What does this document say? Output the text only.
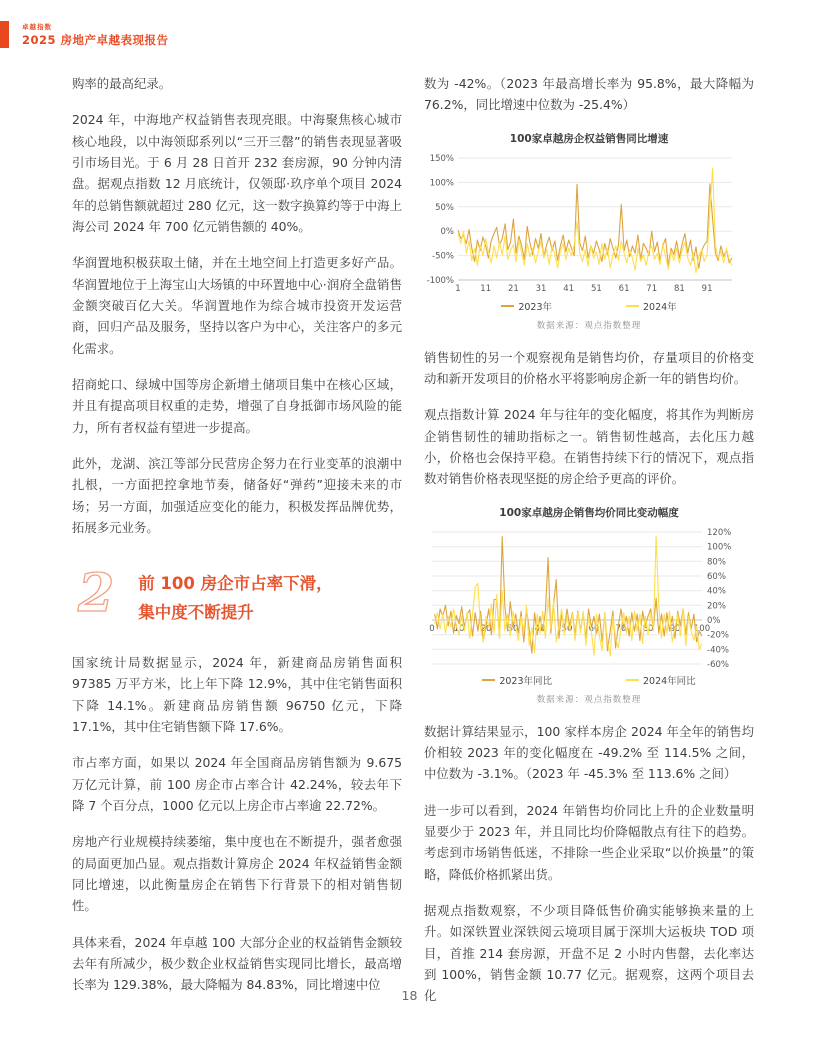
卓越指数
2025 房地产卓越表现报告

购率的最高纪录。

2024 年，中海地产权益销售表现亮眼。中海聚焦核心城市核心地段，以中海领邸系列以“三开三罄”的销售表现显著吸引市场目光。于 6 月 28 日首开 232 套房源，90 分钟内清盘。据观点指数 12 月底统计，仅领邸·玖序单个项目 2024 年的总销售额就超过 280 亿元，这一数字换算约等于中海上海公司 2024 年 700 亿元销售额的 40%。

华润置地积极获取土储，并在土地空间上打造更多好产品。华润置地位于上海宝山大场镇的中环置地中心·润府全盘销售金额突破百亿大关。华润置地作为综合城市投资开发运营商，回归产品及服务，坚持以客户为中心，关注客户的多元化需求。

招商蛇口、绿城中国等房企新增土储项目集中在核心区域，并且有提高项目权重的走势，增强了自身抵御市场风险的能力，所有者权益有望进一步提高。

此外，龙湖、滨江等部分民营房企努力在行业变革的浪潮中扎根，一方面把控拿地节奏，储备好“弹药”迎接未来的市场；另一方面，加强适应变化的能力，积极发挥品牌优势，拓展多元业务。

2 前 100 房企市占率下滑，
集中度不断提升

国家统计局数据显示，2024 年，新建商品房销售面积 97385 万平方米，比上年下降 12.9%，其中住宅销售面积下降 14.1%。新建商品房销售额 96750 亿元，下降 17.1%，其中住宅销售额下降 17.6%。

市占率方面，如果以 2024 年全国商品房销售额为 9.675 万亿元计算，前 100 房企市占率合计 42.24%，较去年下降 7 个百分点，1000 亿元以上房企市占率逾 22.72%。

房地产行业规模持续萎缩，集中度也在不断提升，强者愈强的局面更加凸显。观点指数计算房企 2024 年权益销售金额同比增速，以此衡量房企在销售下行背景下的相对销售韧性。

具体来看，2024 年卓越 100 大部分企业的权益销售金额较去年有所减少，极少数企业权益销售实现同比增长，最高增长率为 129.38%，最大降幅为 84.83%，同比增速中位

数为 -42%。（2023 年最高增长率为 95.8%，最大降幅为 76.2%，同比增速中位数为 -25.4%）

100家卓越房企权益销售同比增速
150%
100%
50%
0%
-50%
-100%
1 11 21 31 41 51 61 71 81 91
2023年	2024年
数据来源：观点指数整理

销售韧性的另一个观察视角是销售均价，存量项目的价格变动和新开发项目的价格水平将影响房企新一年的销售均价。

观点指数计算 2024 年与往年的变化幅度，将其作为判断房企销售韧性的辅助指标之一。销售韧性越高，去化压力越小，价格也会保持平稳。在销售持续下行的情况下，观点指数对销售价格表现坚挺的房企给予更高的评价。

100家卓越房企销售均价同比变动幅度
120%
100%
80%
60%
40%
20%
0%
-20%
-40%
-60%
0 10 20 30 40 50 60 70 80 90 100
2023年同比	2024年同比
数据来源：观点指数整理

数据计算结果显示，100 家样本房企 2024 年全年的销售均价相较 2023 年的变化幅度在 -49.2% 至 114.5% 之间，中位数为 -3.1%。（2023 年 -45.3% 至 113.6% 之间）

进一步可以看到，2024 年销售均价同比上升的企业数量明显要少于 2023 年，并且同比均价降幅散点有往下的趋势。考虑到市场销售低迷，不排除一些企业采取“以价换量”的策略，降低价格抓紧出货。

据观点指数观察，不少项目降低售价确实能够换来量的上升。如深铁置业深铁阅云境项目属于深圳大运板块 TOD 项目，首推 214 套房源，开盘不足 2 小时内售罄，去化率达到 100%，销售金额 10.77 亿元。据观察，这两个项目去化

18
